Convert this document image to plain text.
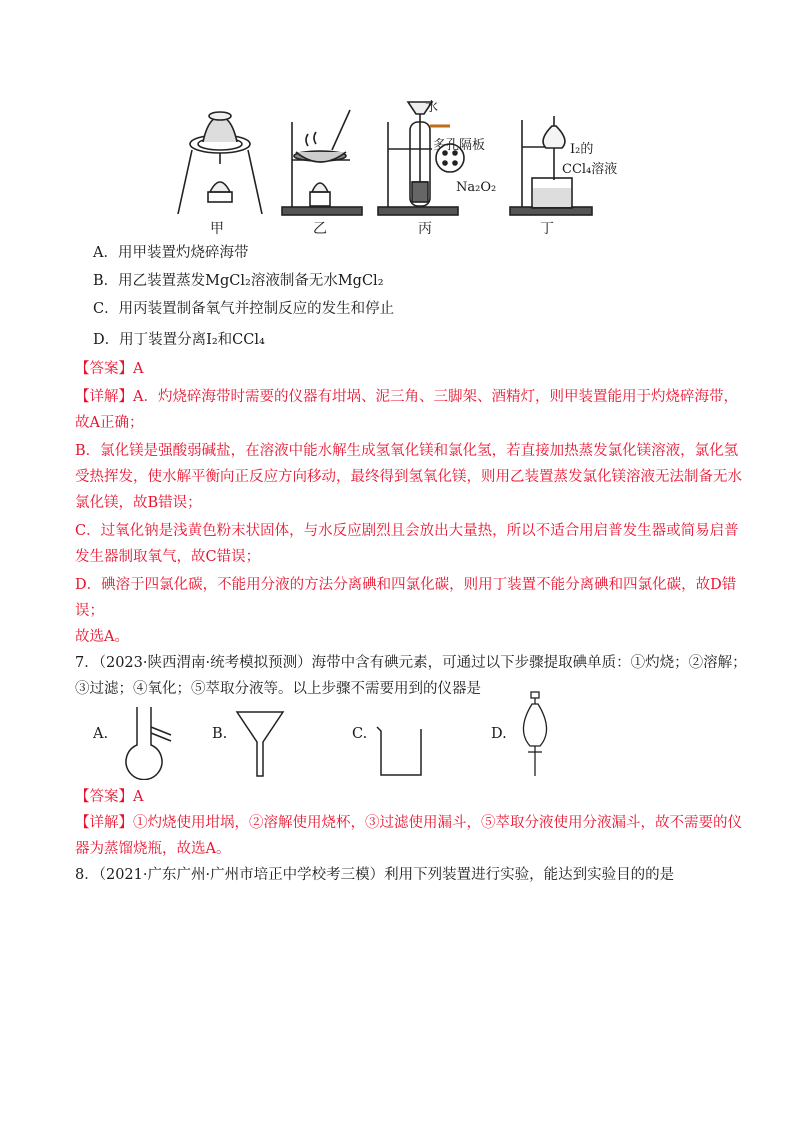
水
多孔隔板
Na₂O₂
I₂的
CCl₄溶液
甲	乙	丙	丁
A．用甲装置灼烧碎海带
B．用乙装置蒸发MgCl₂溶液制备无水MgCl₂
C．用丙装置制备氧气并控制反应的发生和停止
D．用丁装置分离I₂和CCl₄
【答案】A
【详解】A．灼烧碎海带时需要的仪器有坩埚、泥三角、三脚架、酒精灯，则甲装置能用于灼烧碎海带，
故A正确；
B．氯化镁是强酸弱碱盐，在溶液中能水解生成氢氧化镁和氯化氢，若直接加热蒸发氯化镁溶液，氯化氢
受热挥发，使水解平衡向正反应方向移动，最终得到氢氧化镁，则用乙装置蒸发氯化镁溶液无法制备无水
氯化镁，故B错误；
C．过氧化钠是浅黄色粉末状固体，与水反应剧烈且会放出大量热，所以不适合用启普发生器或简易启普
发生器制取氧气，故C错误；
D．碘溶于四氯化碳，不能用分液的方法分离碘和四氯化碳，则用丁装置不能分离碘和四氯化碳，故D错
误；
故选A。
7．（2023·陕西渭南·统考模拟预测）海带中含有碘元素，可通过以下步骤提取碘单质：①灼烧；②溶解；
③过滤；④氧化；⑤萃取分液等。以上步骤不需要用到的仪器是
A.	B.	C.	D.
【答案】A
【详解】①灼烧使用坩埚，②溶解使用烧杯，③过滤使用漏斗，⑤萃取分液使用分液漏斗，故不需要的仪
器为蒸馏烧瓶，故选A。
8．（2021·广东广州·广州市培正中学校考三模）利用下列装置进行实验，能达到实验目的的是
